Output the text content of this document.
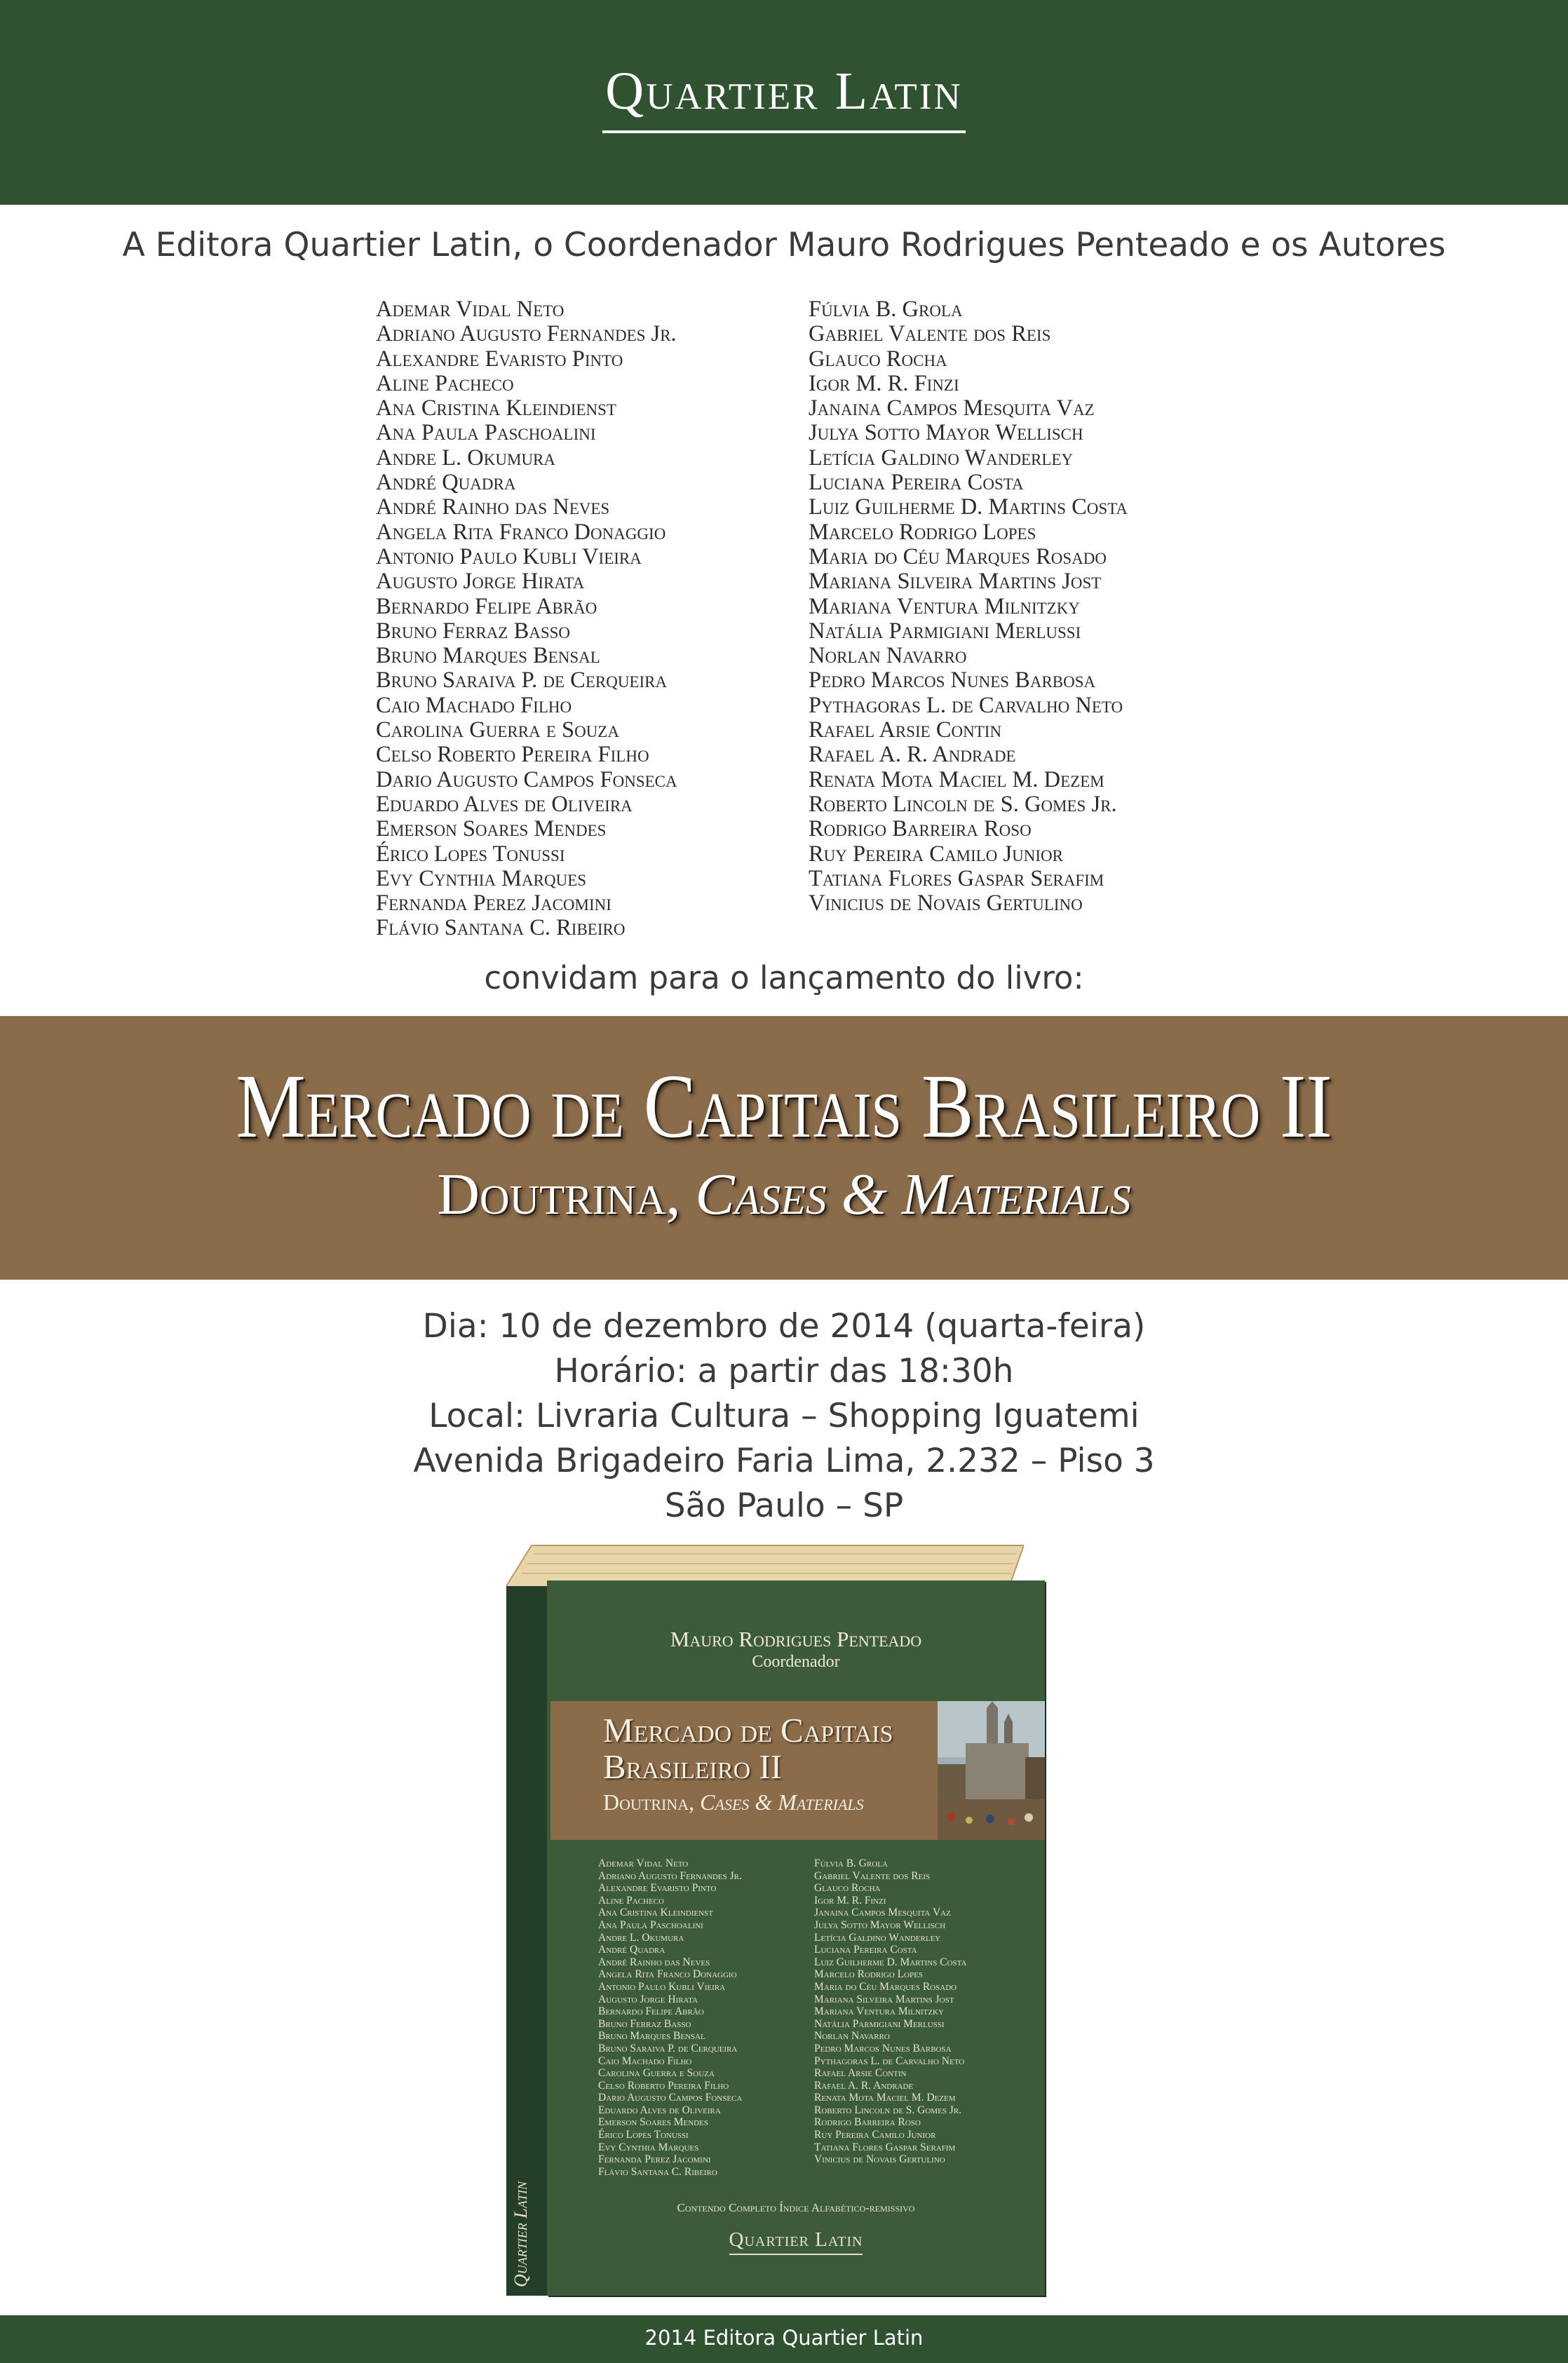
Quartier Latin
A Editora Quartier Latin, o Coordenador Mauro Rodrigues Penteado e os Autores
Ademar Vidal Neto
Adriano Augusto Fernandes Jr.
Alexandre Evaristo Pinto
Aline Pacheco
Ana Cristina Kleindienst
Ana Paula Paschoalini
Andre L. Okumura
André Quadra
André Rainho das Neves
Angela Rita Franco Donaggio
Antonio Paulo Kubli Vieira
Augusto Jorge Hirata
Bernardo Felipe Abrão
Bruno Ferraz Basso
Bruno Marques Bensal
Bruno Saraiva P. de Cerqueira
Caio Machado Filho
Carolina Guerra e Souza
Celso Roberto Pereira Filho
Dario Augusto Campos Fonseca
Eduardo Alves de Oliveira
Emerson Soares Mendes
Érico Lopes Tonussi
Evy Cynthia Marques
Fernanda Perez Jacomini
Flávio Santana C. Ribeiro
Fúlvia B. Grola
Gabriel Valente dos Reis
Glauco Rocha
Igor M. R. Finzi
Janaina Campos Mesquita Vaz
Julya Sotto Mayor Wellisch
Letícia Galdino Wanderley
Luciana Pereira Costa
Luiz Guilherme D. Martins Costa
Marcelo Rodrigo Lopes
Maria do Céu Marques Rosado
Mariana Silveira Martins Jost
Mariana Ventura Milnitzky
Natália Parmigiani Merlussi
Norlan Navarro
Pedro Marcos Nunes Barbosa
Pythagoras L. de Carvalho Neto
Rafael Arsie Contin
Rafael A. R. Andrade
Renata Mota Maciel M. Dezem
Roberto Lincoln de S. Gomes Jr.
Rodrigo Barreira Roso
Ruy Pereira Camilo Junior
Tatiana Flores Gaspar Serafim
Vinicius de Novais Gertulino
convidam para o lançamento do livro:
Mercado de Capitais Brasileiro II
Doutrina, Cases & Materials
Dia: 10 de dezembro de 2014 (quarta-feira)
Horário: a partir das 18:30h
Local: Livraria Cultura – Shopping Iguatemi
Avenida Brigadeiro Faria Lima, 2.232 – Piso 3
São Paulo – SP
Quartier Latin
Mauro Rodrigues Penteado
Coordenador
Mercado de Capitais
Brasileiro II
Doutrina, Cases & Materials
Ademar Vidal Neto
Adriano Augusto Fernandes Jr.
Alexandre Evaristo Pinto
Aline Pacheco
Ana Cristina Kleindienst
Ana Paula Paschoalini
Andre L. Okumura
André Quadra
André Rainho das Neves
Angela Rita Franco Donaggio
Antonio Paulo Kubli Vieira
Augusto Jorge Hirata
Bernardo Felipe Abrão
Bruno Ferraz Basso
Bruno Marques Bensal
Bruno Saraiva P. de Cerqueira
Caio Machado Filho
Carolina Guerra e Souza
Celso Roberto Pereira Filho
Dario Augusto Campos Fonseca
Eduardo Alves de Oliveira
Emerson Soares Mendes
Érico Lopes Tonussi
Evy Cynthia Marques
Fernanda Perez Jacomini
Flávio Santana C. Ribeiro
Fúlvia B. Grola
Gabriel Valente dos Reis
Glauco Rocha
Igor M. R. Finzi
Janaina Campos Mesquita Vaz
Julya Sotto Mayor Wellisch
Letícia Galdino Wanderley
Luciana Pereira Costa
Luiz Guilherme D. Martins Costa
Marcelo Rodrigo Lopes
Maria do Céu Marques Rosado
Mariana Silveira Martins Jost
Mariana Ventura Milnitzky
Natália Parmigiani Merlussi
Norlan Navarro
Pedro Marcos Nunes Barbosa
Pythagoras L. de Carvalho Neto
Rafael Arsie Contin
Rafael A. R. Andrade
Renata Mota Maciel M. Dezem
Roberto Lincoln de S. Gomes Jr.
Rodrigo Barreira Roso
Ruy Pereira Camilo Junior
Tatiana Flores Gaspar Serafim
Vinicius de Novais Gertulino
Contendo Completo Índice Alfabético-remissivo
Quartier Latin
2014 Editora Quartier Latin
